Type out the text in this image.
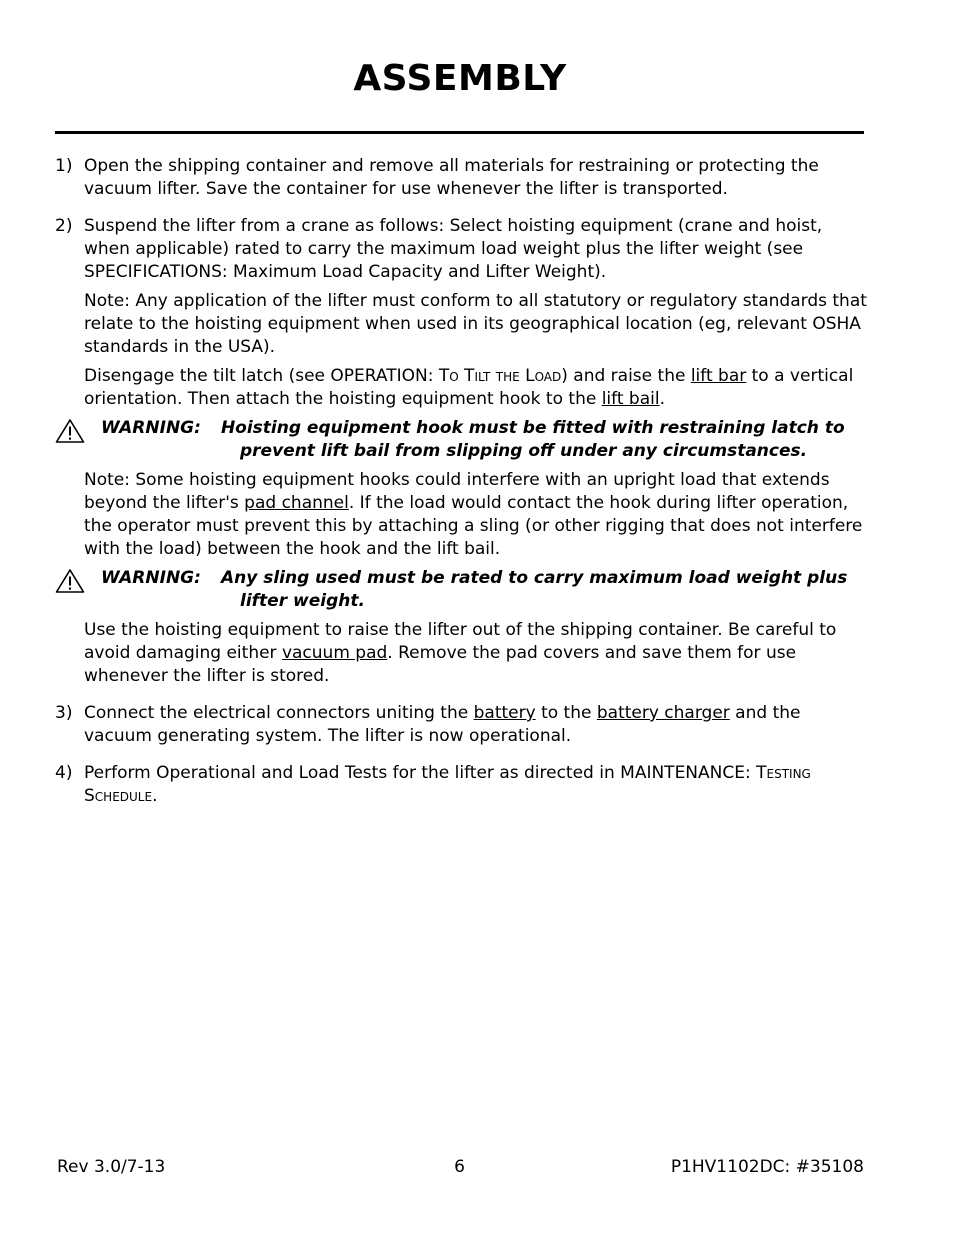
ASSEMBLY
1) Open the shipping container and remove all materials for restraining or protecting the vacuum lifter. Save the container for use whenever the lifter is transported.
2) Suspend the lifter from a crane as follows: Select hoisting equipment (crane and hoist, when applicable) rated to carry the maximum load weight plus the lifter weight (see SPECIFICATIONS: Maximum Load Capacity and Lifter Weight).
Note: Any application of the lifter must conform to all statutory or regulatory standards that relate to the hoisting equipment when used in its geographical location (eg, relevant OSHA standards in the USA).
Disengage the tilt latch (see OPERATION: To Tilt the Load) and raise the lift bar to a vertical orientation. Then attach the hoisting equipment hook to the lift bail.
WARNING:	Hoisting equipment hook must be fitted with restraining latch to
prevent lift bail from slipping off under any circumstances.
Note: Some hoisting equipment hooks could interfere with an upright load that extends beyond the lifter's pad channel. If the load would contact the hook during lifter operation, the operator must prevent this by attaching a sling (or other rigging that does not interfere with the load) between the hook and the lift bail.
WARNING:	Any sling used must be rated to carry maximum load weight plus
lifter weight.
Use the hoisting equipment to raise the lifter out of the shipping container. Be careful to avoid damaging either vacuum pad. Remove the pad covers and save them for use whenever the lifter is stored.
3) Connect the electrical connectors uniting the battery to the battery charger and the vacuum generating system. The lifter is now operational.
4) Perform Operational and Load Tests for the lifter as directed in MAINTENANCE: Testing Schedule.
Rev 3.0/7-13	6	P1HV1102DC: #35108
